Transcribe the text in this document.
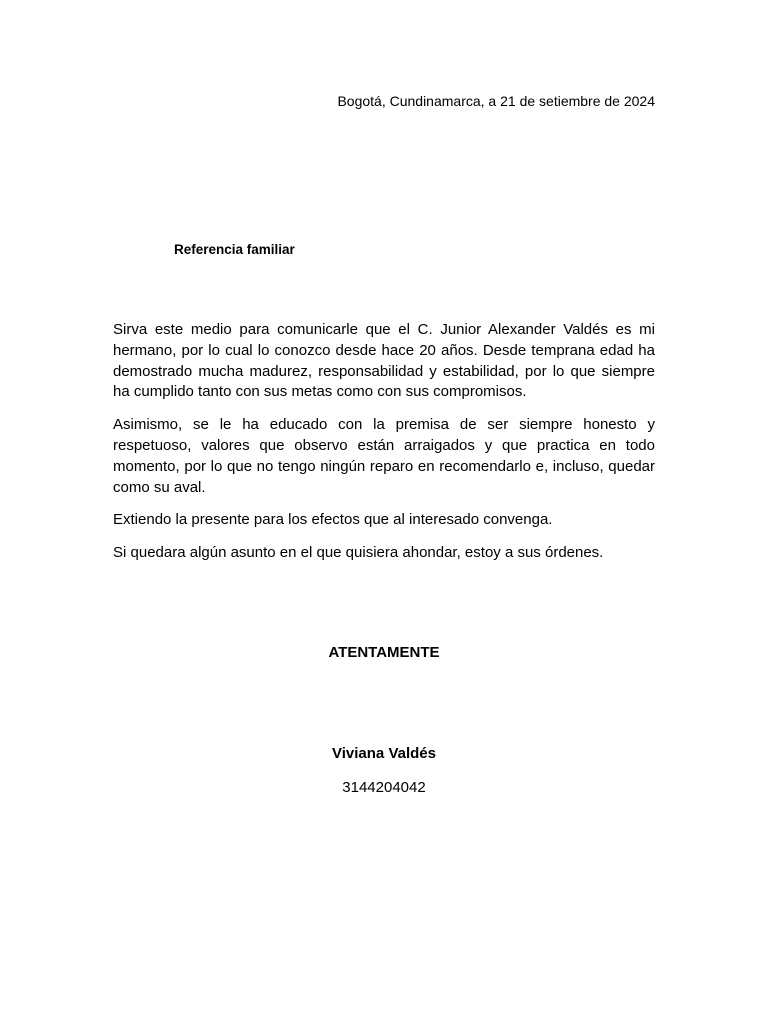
Bogotá, Cundinamarca, a 21 de setiembre de 2024
Referencia familiar

Sirva este medio para comunicarle que el C. Junior Alexander Valdés es mi hermano, por lo cual lo conozco desde hace 20 años. Desde temprana edad ha demostrado mucha madurez, responsabilidad y estabilidad, por lo que siempre ha cumplido tanto con sus metas como con sus compromisos.

Asimismo, se le ha educado con la premisa de ser siempre honesto y respetuoso, valores que observo están arraigados y que practica en todo momento, por lo que no tengo ningún reparo en recomendarlo e, incluso, quedar como su aval.

Extiendo la presente para los efectos que al interesado convenga.

Si quedara algún asunto en el que quisiera ahondar, estoy a sus órdenes.

ATENTAMENTE
Viviana Valdés
3144204042
